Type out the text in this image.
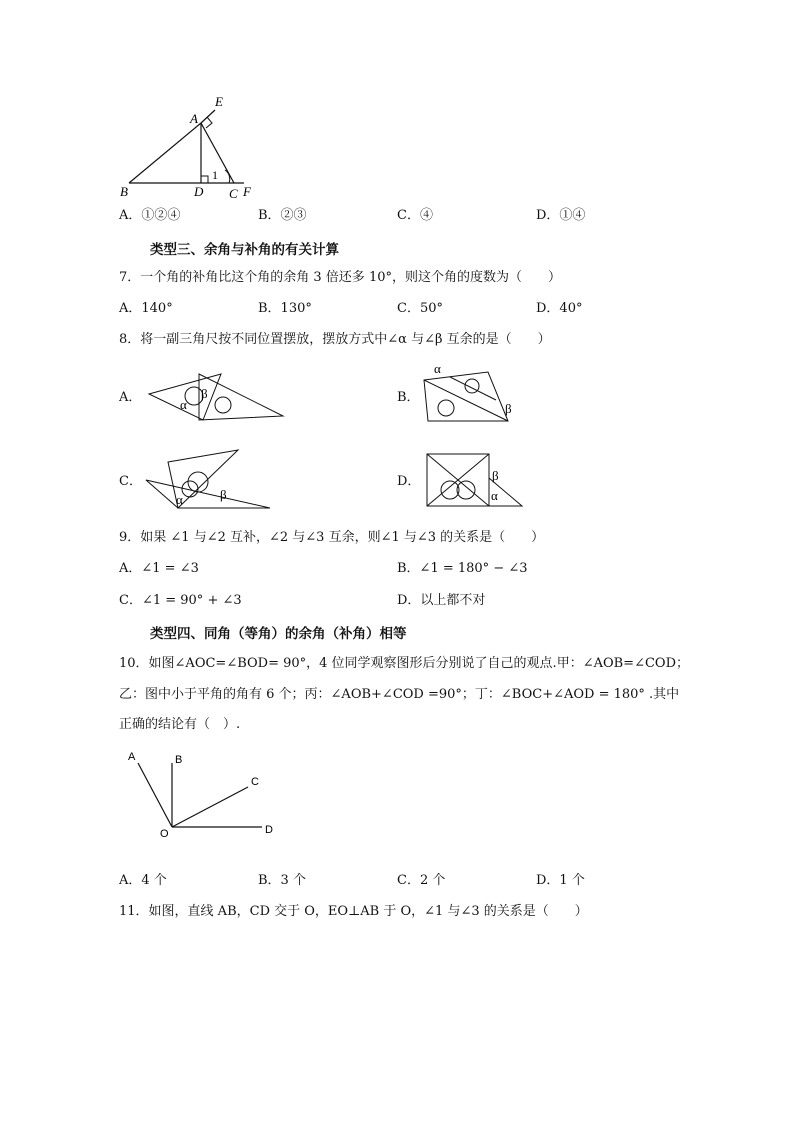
E
A
B	D C F
1
A．①②④	B．②③	C．④	D．①④
类型三、余角与补角的有关计算
7．一个角的补角比这个角的余角 3 倍还多 10°，则这个角的度数为（　　）
A．140°	B．130°	C．50°	D．40°
8．将一副三角尺按不同位置摆放，摆放方式中∠α 与∠β 互余的是（　　）
A．	α
β	B．
α
β
C．
α	β
D．	β
α
9．如果 ∠1 与∠2 互补，∠2 与∠3 互余，则∠1 与∠3 的关系是（　　）
A．∠1 = ∠3	B．∠1 = 180° − ∠3
C．∠1 = 90° + ∠3	D．以上都不对
类型四、同角（等角）的余角（补角）相等
10．如图∠AOC=∠BOD= 90°，4 位同学观察图形后分别说了自己的观点.甲：∠AOB=∠COD；
乙：图中小于平角的角有 6 个；丙：∠AOB+∠COD =90°；丁：∠BOC+∠AOD = 180° .其中
正确的结论有（　）.
A	B
C
D
O
A．4 个	B．3 个	C．2 个	D．1 个
11．如图，直线 AB，CD 交于 O，EO⊥AB 于 O，∠1 与∠3 的关系是（　　）
